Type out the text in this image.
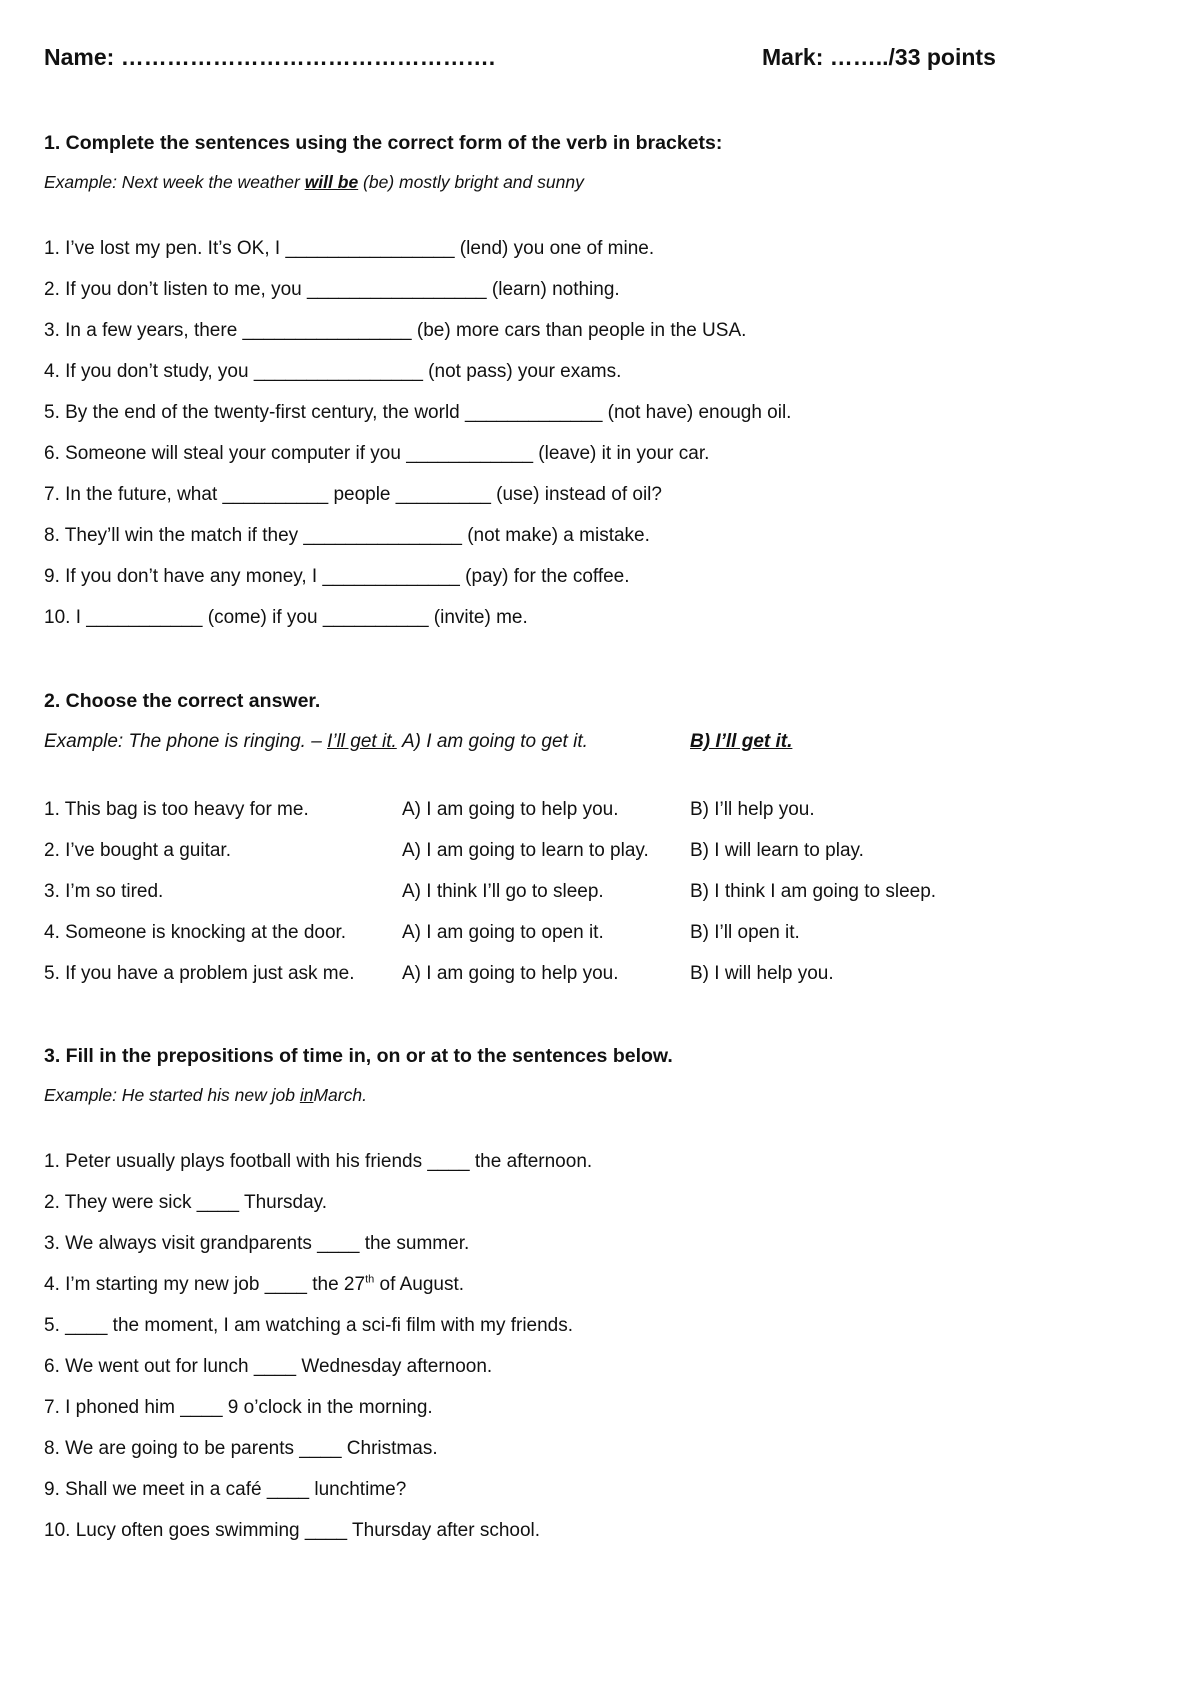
Name: ………………………………………….	Mark: ……../33 points
1. Complete the sentences using the correct form of the verb in brackets:
Example: Next week the weather will be (be) mostly bright and sunny
1. I’ve lost my pen. It’s OK, I ________________ (lend) you one of mine.
2. If you don’t listen to me, you _________________ (learn) nothing.
3. In a few years, there ________________ (be) more cars than people in the USA.
4. If you don’t study, you ________________ (not pass) your exams.
5. By the end of the twenty-first century, the world _____________ (not have) enough oil.
6. Someone will steal your computer if you ____________ (leave) it in your car.
7. In the future, what __________ people _________ (use) instead of oil?
8. They’ll win the match if they _______________ (not make) a mistake.
9. If you don’t have any money, I _____________ (pay) for the coffee.
10. I ___________ (come) if you __________ (invite) me.
2. Choose the correct answer.
Example: The phone is ringing. – I’ll get it. A) I am going to get it.	B) I’ll get it.
1. This bag is too heavy for me.	A) I am going to help you.	B) I’ll help you.
2. I’ve bought a guitar.	A) I am going to learn to play. B) I will learn to play.
3. I’m so tired.	A) I think I’ll go to sleep.	B) I think I am going to sleep.
4. Someone is knocking at the door.	A) I am going to open it.	B) I’ll open it.
5. If you have a problem just ask me.	A) I am going to help you.	B) I will help you.
3. Fill in the prepositions of time in, on or at to the sentences below.
Example: He started his new job inMarch.
1. Peter usually plays football with his friends ____ the afternoon.
2. They were sick ____ Thursday.
3. We always visit grandparents ____ the summer.
4. I’m starting my new job ____ the 27th of August.
5. ____ the moment, I am watching a sci-fi film with my friends.
6. We went out for lunch ____ Wednesday afternoon.
7. I phoned him ____ 9 o’clock in the morning.
8. We are going to be parents ____ Christmas.
9. Shall we meet in a café ____ lunchtime?
10. Lucy often goes swimming ____ Thursday after school.
